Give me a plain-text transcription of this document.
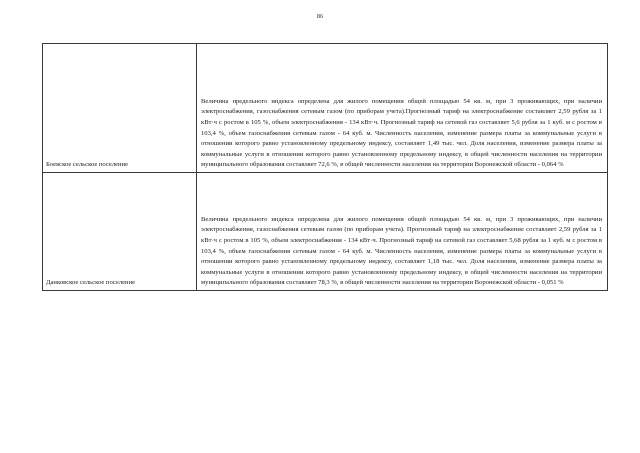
86
Боевское сельское поселение	Величина предельного индекса определена для жилого помещения общей площадью 54 кв. м, при 3 проживающих, при наличии электроснабжения, газоснабжения сетевым газом (по приборам учета).Прогнозный тариф на электроснабжение составляет 2,59 рубля за 1 кВт·ч с ростом в 105 %, объем электроснабжения - 134 кВт·ч. Прогнозный тариф на сетевой газ составляет 5,6 рубля за 1 куб. м с ростом в 103,4 %, объем газоснабжения сетевым газом - 64 куб. м. Численность населения, изменение размера платы за коммунальные услуги в отношении которого равно установленному предельному индексу, составляет 1,49 тыс. чел. Доля населения, изменение размера платы за коммунальные услуги в отношении которого равно установленному предельному индексу, в общей численности населения на территории муниципального образования составляет 72,6 %, в общей численности населения на территории Воронежской области - 0,064 %
Данковское сельское поселение	Величина предельного индекса определена для жилого помещения общей площадью 54 кв. м, при 3 проживающих, при наличии электроснабжения, газоснабжения сетевым газом (по приборам учета). Прогнозный тариф на электроснабжение составляет 2,59 рубля за 1 кВт·ч с ростом в 105 %, объем электроснабжения - 134 кВт·ч. Прогнозный тариф на сетевой газ составляет 5,68 рубля за 1 куб. м с ростом в 103,4 %, объем газоснабжения сетевым газом - 64 куб. м. Численность населения, изменение размера платы за коммунальные услуги в отношении которого равно установленному предельному индексу, составляет 1,18 тыс. чел. Доля населения, изменение размера платы за коммунальные услуги в отношении которого равно установленному предельному индексу, в общей численности населения на территории муниципального образования составляет 78,3 %, в общей численности населения на территории Воронежской области - 0,051 %
